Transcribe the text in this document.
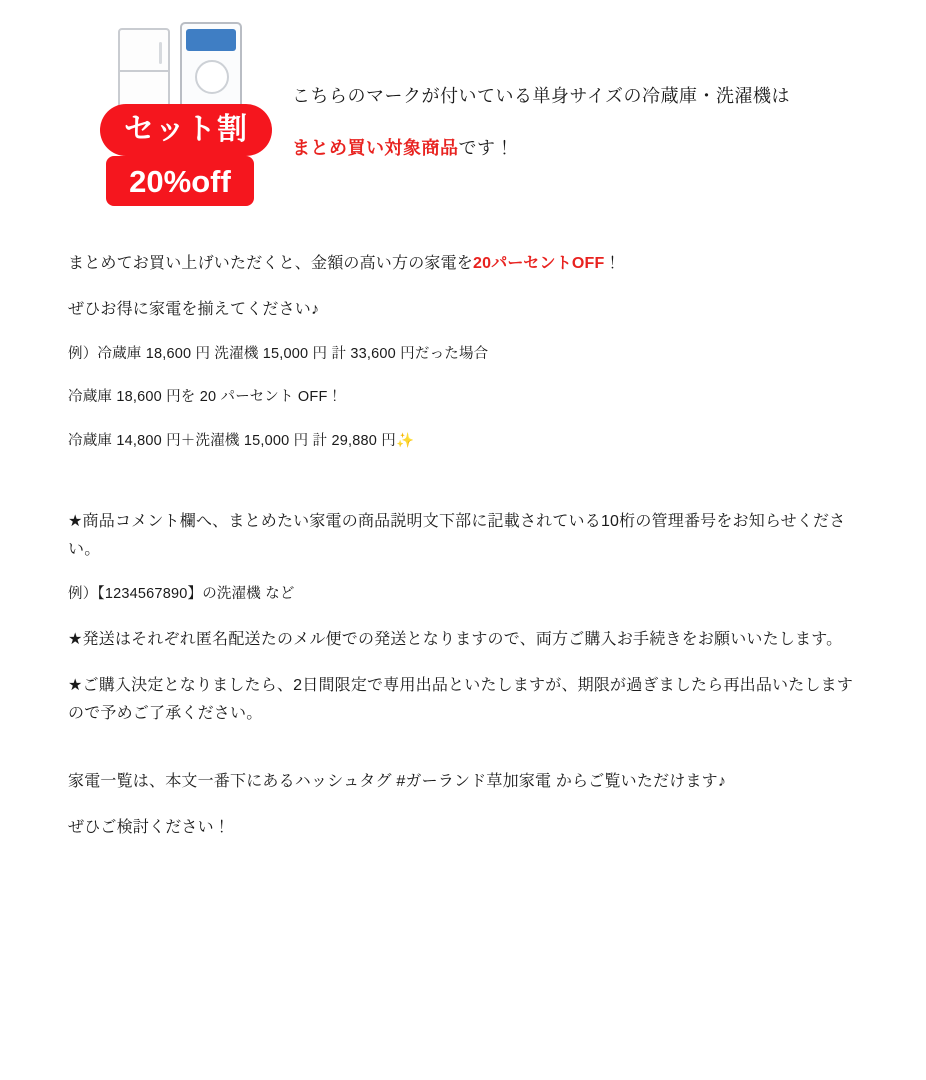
セット割
20%off
こちらのマークが付いている単身サイズの冷蔵庫・洗濯機は
まとめ買い対象商品です！
まとめてお買い上げいただくと、金額の高い方の家電を20パーセントOFF！
ぜひお得に家電を揃えてください♪
例）冷蔵庫 18,600 円 洗濯機 15,000 円 計 33,600 円だった場合
冷蔵庫 18,600 円を 20 パーセント OFF！
冷蔵庫 14,800 円＋洗濯機 15,000 円 計 29,880 円✨
★商品コメント欄へ、まとめたい家電の商品説明文下部に記載されている10桁の管理番号をお知らせください。
例）【1234567890】の洗濯機 など
★発送はそれぞれ匿名配送たのメル便での発送となりますので、両方ご購入お手続きをお願いいたします。
★ご購入決定となりましたら、2日間限定で専用出品といたしますが、期限が過ぎましたら再出品いたしますので予めご了承ください。
家電一覧は、本文一番下にあるハッシュタグ #ガーランド草加家電 からご覧いただけます♪
ぜひご検討ください！
